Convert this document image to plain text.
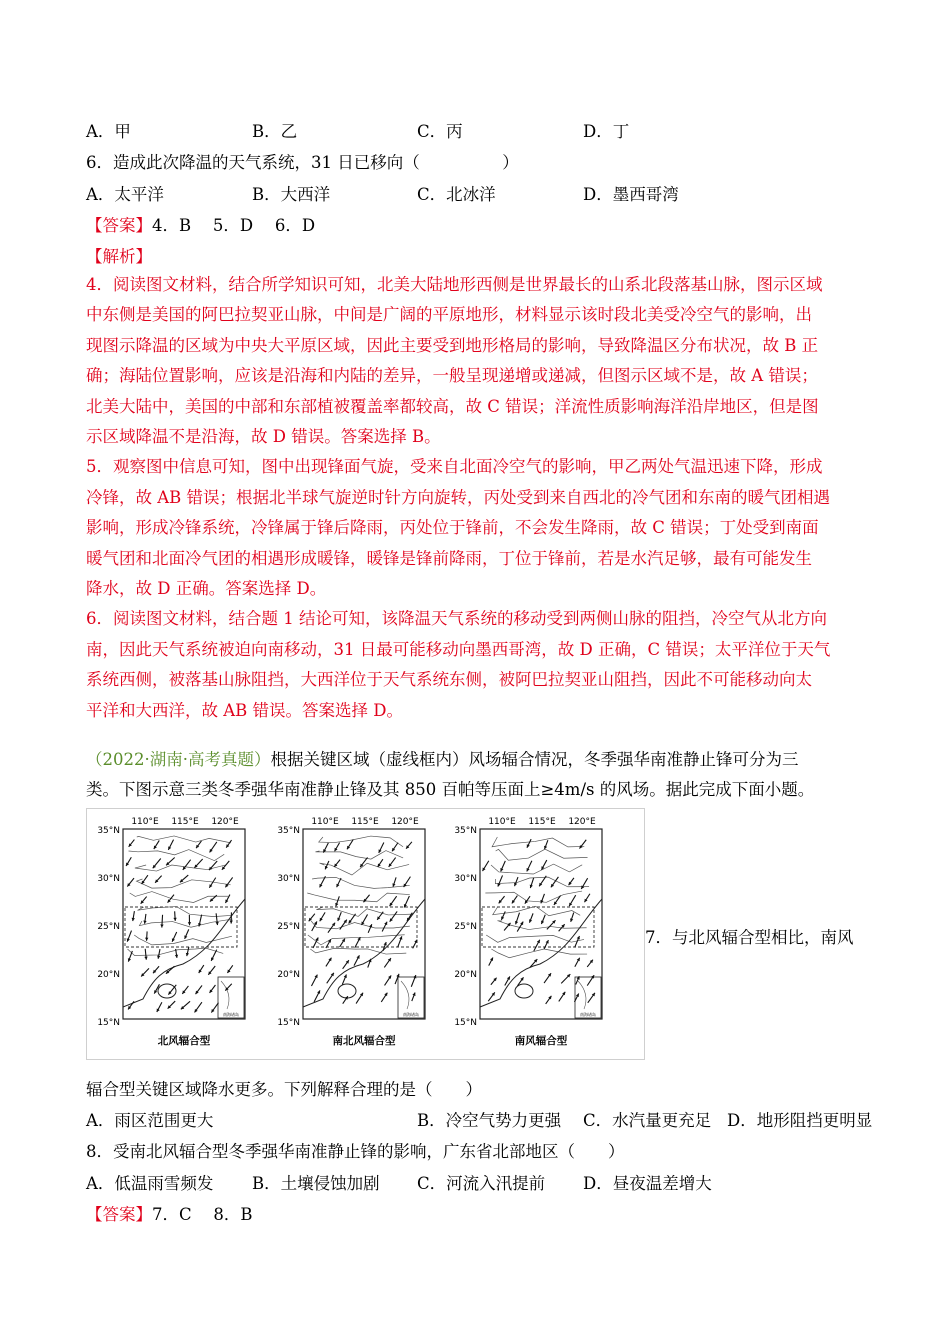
A．甲	B．乙	C．丙	D．丁
6．造成此次降温的天气系统，31 日已移向（　　　　　）
A．太平洋	B．大西洋	C．北冰洋	D．墨西哥湾
【答案】4．B　 5．D　 6．D
【解析】
4．阅读图文材料，结合所学知识可知，北美大陆地形西侧是世界最长的山系北段落基山脉，图示区域
中东侧是美国的阿巴拉契亚山脉，中间是广阔的平原地形，材料显示该时段北美受冷空气的影响，出
现图示降温的区域为中央大平原区域，因此主要受到地形格局的影响，导致降温区分布状况，故 B 正
确；海陆位置影响，应该是沿海和内陆的差异，一般呈现递增或递减，但图示区域不是，故 A 错误；
北美大陆中，美国的中部和东部植被覆盖率都较高，故 C 错误；洋流性质影响海洋沿岸地区，但是图
示区域降温不是沿海，故 D 错误。答案选择 B。
5．观察图中信息可知，图中出现锋面气旋，受来自北面冷空气的影响，甲乙两处气温迅速下降，形成
冷锋，故 AB 错误；根据北半球气旋逆时针方向旋转，丙处受到来自西北的冷气团和东南的暖气团相遇
影响，形成冷锋系统，冷锋属于锋后降雨，丙处位于锋前，不会发生降雨，故 C 错误；丁处受到南面
暖气团和北面冷气团的相遇形成暖锋，暖锋是锋前降雨，丁位于锋前，若是水汽足够，最有可能发生
降水，故 D 正确。答案选择 D。
6．阅读图文材料，结合题 1 结论可知，该降温天气系统的移动受到两侧山脉的阻挡，冷空气从北方向
南，因此天气系统被迫向南移动，31 日最可能移动向墨西哥湾，故 D 正确，C 错误；太平洋位于天气
系统西侧，被落基山脉阻挡，大西洋位于天气系统东侧，被阿巴拉契亚山阻挡，因此不可能移动向太
平洋和大西洋，故 AB 错误。答案选择 D。
（2022·湖南·高考真题）根据关键区域（虚线框内）风场辐合情况，冬季强华南准静止锋可分为三
类。下图示意三类冬季强华南准静止锋及其 850 百帕等压面上≥4m/s 的风场。据此完成下面小题。
110°E 115°E 120°E
35°N
30°N
25°N
20°N
15°N
南海诸岛
北风辐合型
110°E 115°E 120°E
35°N
30°N
25°N
20°N
15°N
南海诸岛
南北风辐合型
110°E 115°E 120°E
35°N
30°N
25°N
20°N
15°N
南海诸岛
南风辐合型
7．与北风辐合型相比，南风
辐合型关键区域降水更多。下列解释合理的是（　　）
A．雨区范围更大	B．冷空气势力更强 C．水汽量更充足 D．地形阻挡更明显
8．受南北风辐合型冬季强华南准静止锋的影响，广东省北部地区（　　）
A．低温雨雪频发 B．土壤侵蚀加剧 C．河流入汛提前 D．昼夜温差增大
【答案】7．C　 8．B
